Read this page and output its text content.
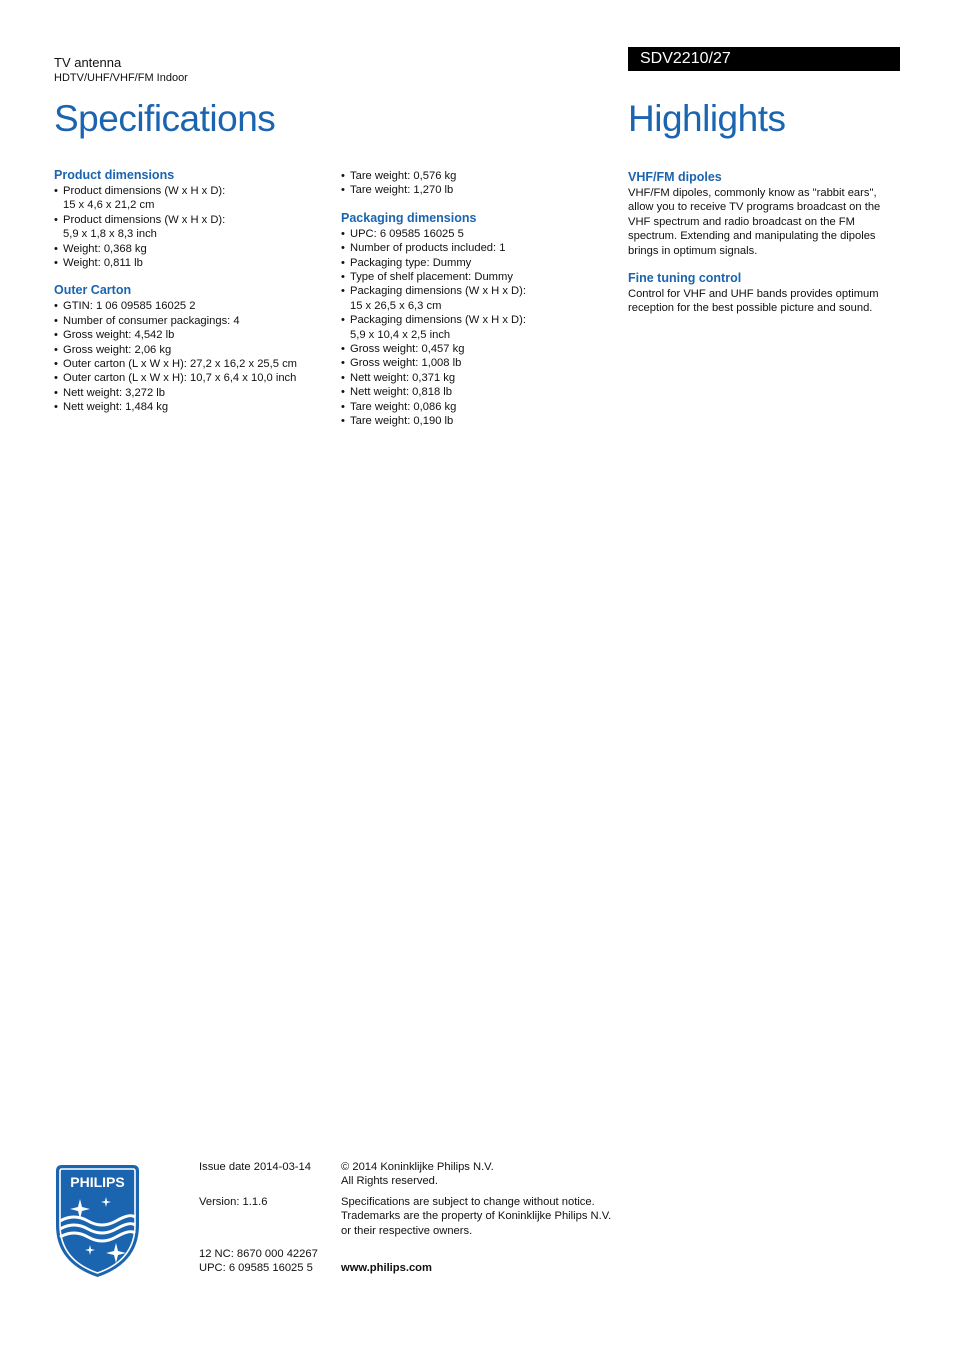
TV antenna
HDTV/UHF/VHF/FM Indoor
Specifications
SDV2210/27
Highlights
Product dimensions
• Product dimensions (W x H x D):
15 x 4,6 x 21,2 cm
• Product dimensions (W x H x D):
5,9 x 1,8 x 8,3 inch
• Weight: 0,368 kg
• Weight: 0,811 lb
Outer Carton
• GTIN: 1 06 09585 16025 2
• Number of consumer packagings: 4
• Gross weight: 4,542 lb
• Gross weight: 2,06 kg
• Outer carton (L x W x H): 27,2 x 16,2 x 25,5 cm
• Outer carton (L x W x H): 10,7 x 6,4 x 10,0 inch
• Nett weight: 3,272 lb
• Nett weight: 1,484 kg
• Tare weight: 0,576 kg
• Tare weight: 1,270 lb
Packaging dimensions
• UPC: 6 09585 16025 5
• Number of products included: 1
• Packaging type: Dummy
• Type of shelf placement: Dummy
• Packaging dimensions (W x H x D):
15 x 26,5 x 6,3 cm
• Packaging dimensions (W x H x D):
5,9 x 10,4 x 2,5 inch
• Gross weight: 0,457 kg
• Gross weight: 1,008 lb
• Nett weight: 0,371 kg
• Nett weight: 0,818 lb
• Tare weight: 0,086 kg
• Tare weight: 0,190 lb
VHF/FM dipoles
VHF/FM dipoles, commonly know as "rabbit ears",
allow you to receive TV programs broadcast on the
VHF spectrum and radio broadcast on the FM
spectrum. Extending and manipulating the dipoles
brings in optimum signals.
Fine tuning control
Control for VHF and UHF bands provides optimum
reception for the best possible picture and sound.
PHILIPS
Issue date 2014-03-14
Version: 1.1.6
12 NC: 8670 000 42267
UPC: 6 09585 16025 5
© 2014 Koninklijke Philips N.V.
All Rights reserved.
Specifications are subject to change without notice.
Trademarks are the property of Koninklijke Philips N.V.
or their respective owners.
www.philips.com
